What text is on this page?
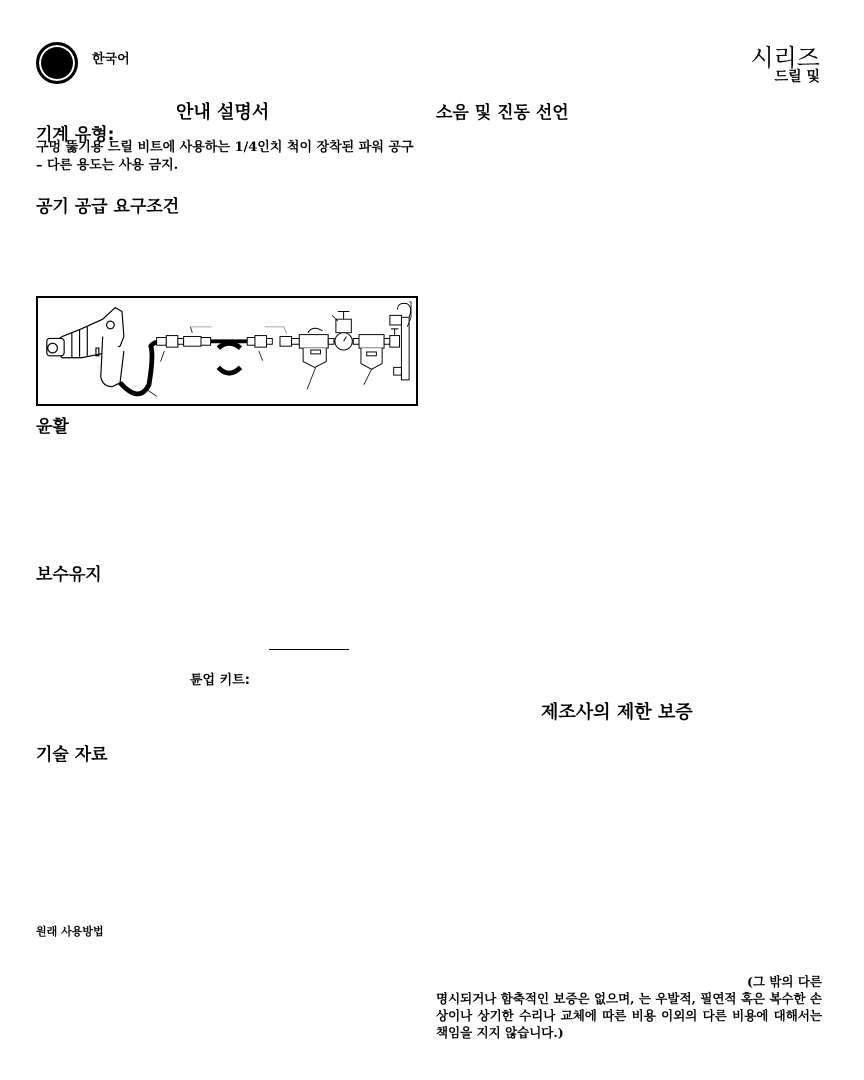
한국어	시리즈
드릴 및
안내 설명서
기계 유형:
구멍 뚫기용 드릴 비트에 사용하는 1/4인치 척이 장착된 파워 공구 – 다른 용도는 사용 금지.
공기 공급 요구조건
윤활
보수유지
튠업 키트:
기술 자료
원래 사용방법
소음 및 진동 선언
제조사의 제한 보증
(그 밖의 다른
명시되거나 함축적인 보증은 없으며, 는 우발적, 필연적 혹은 복수한 손상이나 상기한 수리나 교체에 따른 비용 이외의 다른 비용에 대해서는 책임을 지지 않습니다.)
